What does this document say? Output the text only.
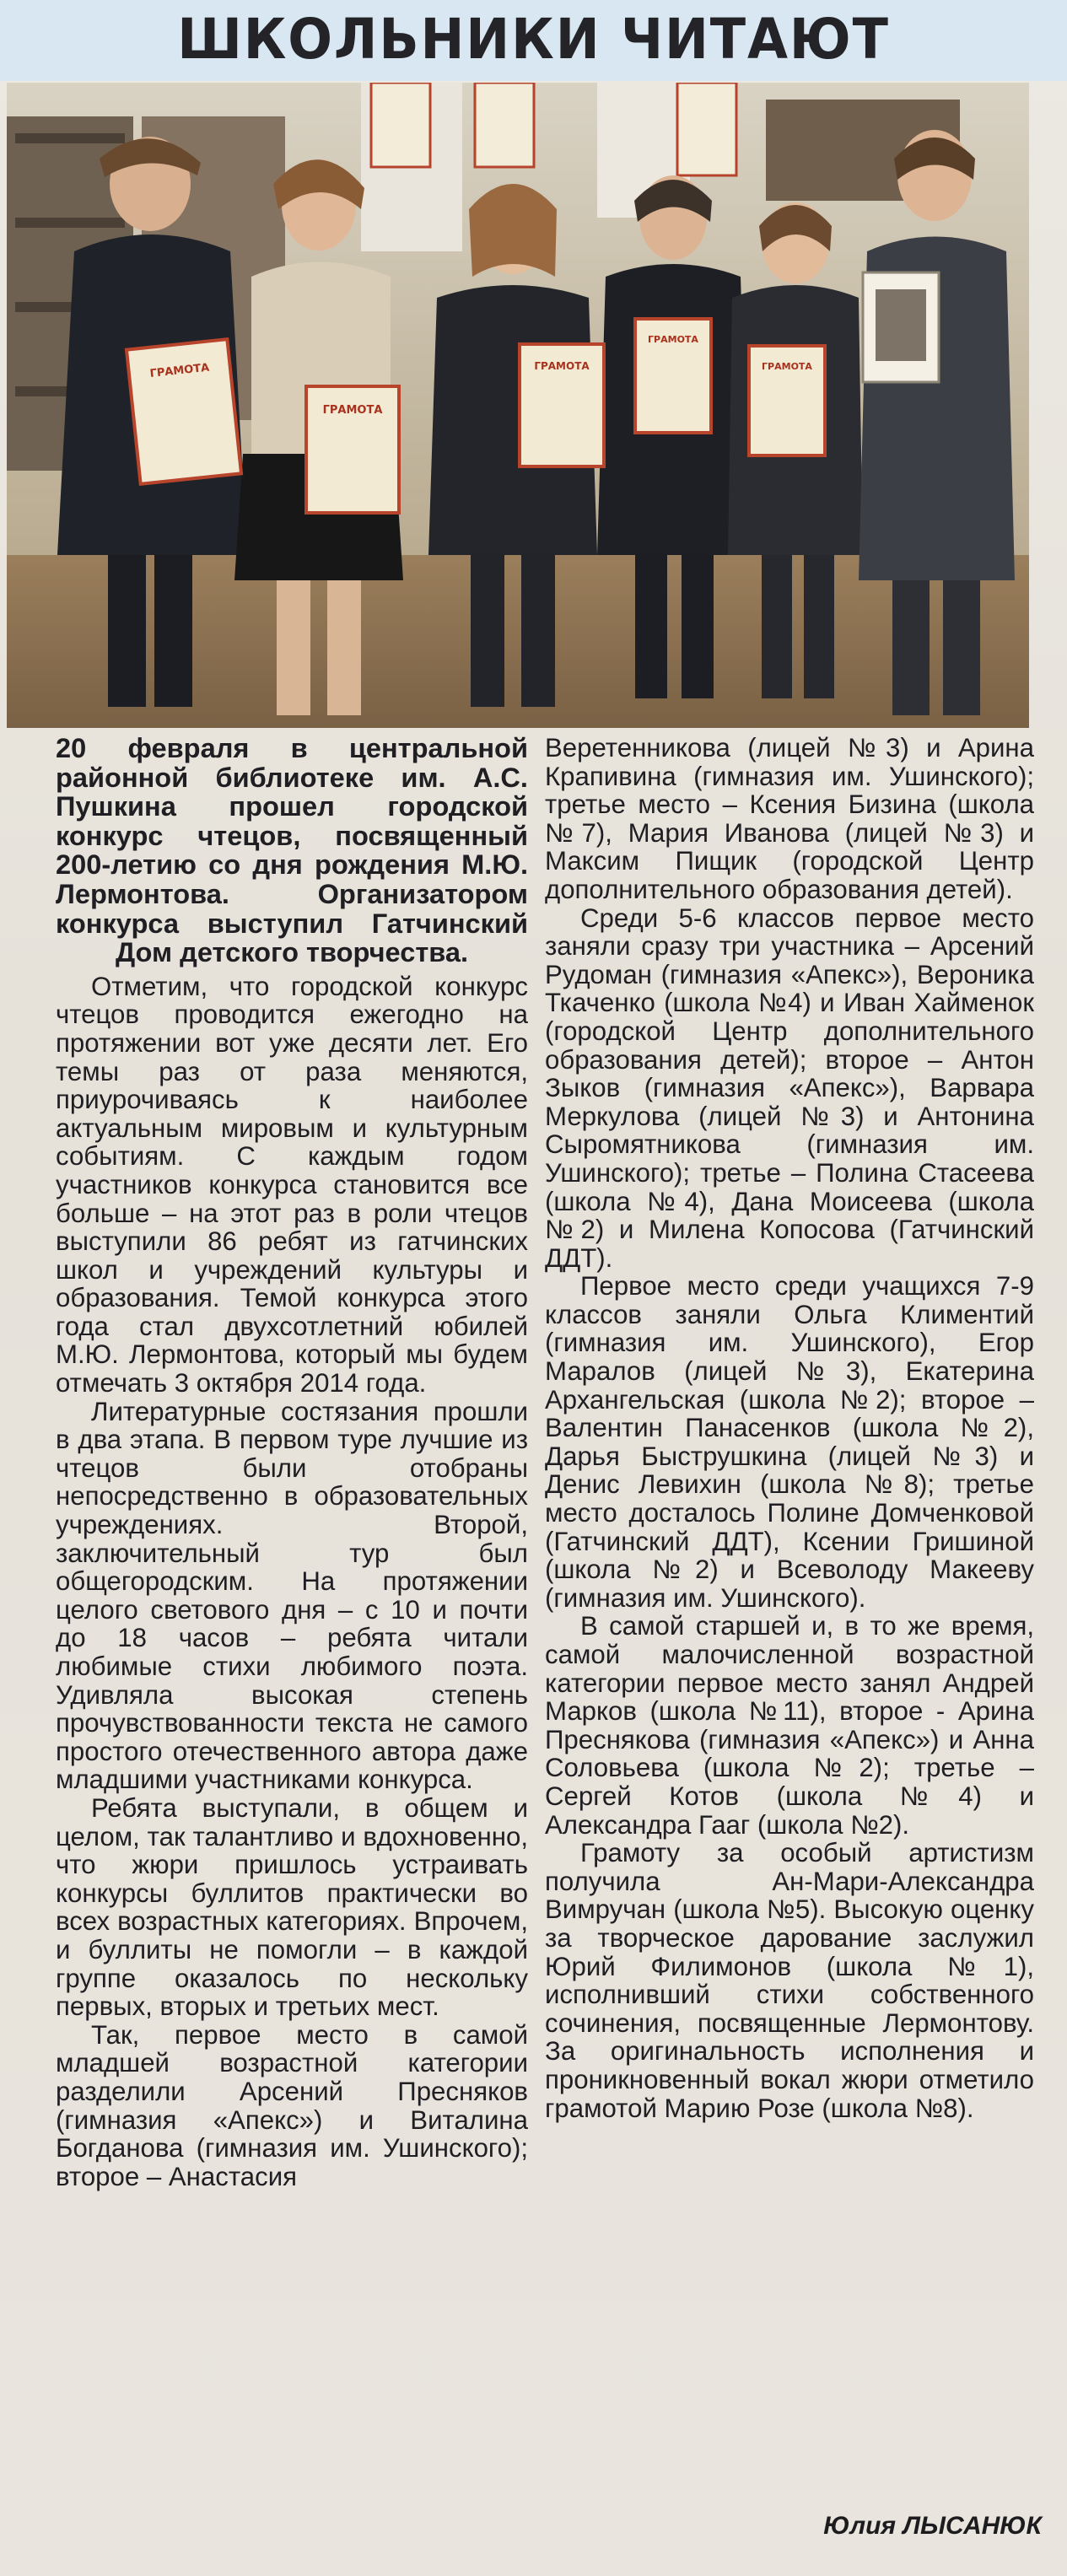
ШКОЛЬНИКИ ЧИТАЮТ
ГРАМОТА
ГРАМОТА
ГРАМОТА
ГРАМОТА
ГРАМОТА

20 февраля в центральной районной библиотеке им. А.С. Пушкина прошел городской конкурс чтецов, посвященный 200-летию со дня рождения М.Ю. Лермонтова. Организатором конкурса выступил Гатчинский Дом детского творчества.

Отметим, что городской конкурс чтецов проводится ежегодно на протяжении вот уже десяти лет. Его темы раз от раза меняются, приурочиваясь к наиболее актуальным мировым и культурным событиям. С каждым годом участников конкурса становится все больше – на этот раз в роли чтецов выступили 86 ребят из гатчинских школ и учреждений культуры и образования. Темой конкурса этого года стал двухсотлетний юбилей М.Ю. Лермонтова, который мы будем отмечать 3 октября 2014 года.

Литературные состязания прошли в два этапа. В первом туре лучшие из чтецов были отобраны непосредственно в образовательных учреждениях. Второй, заключительный тур был общегородским. На протяжении целого светового дня – с 10 и почти до 18 часов – ребята читали любимые стихи любимого поэта. Удивляла высокая степень прочувствованности текста не самого простого отечественного автора даже младшими участниками конкурса.

Ребята выступали, в общем и целом, так талантливо и вдохновенно, что жюри пришлось устраивать конкурсы буллитов практически во всех возрастных категориях. Впрочем, и буллиты не помогли – в каждой группе оказалось по нескольку первых, вторых и третьих мест.

Так, первое место в самой младшей возрастной категории разделили Арсений Пресняков (гимназия «Апекс») и Виталина Богданова (гимназия им. Ушинского); второе – Анастасия

Веретенникова (лицей №3) и Арина Крапивина (гимназия им. Ушинского); третье место – Ксения Бизина (школа №7), Мария Иванова (лицей №3) и Максим Пищик (городской Центр дополнительного образования детей).

Среди 5-6 классов первое место заняли сразу три участника – Арсений Рудоман (гимназия «Апекс»), Вероника Ткаченко (школа №4) и Иван Хайменок (городской Центр дополнительного образования детей); второе – Антон Зыков (гимназия «Апекс»), Варвара Меркулова (лицей №3) и Антонина Сыромятникова (гимназия им. Ушинского); третье – Полина Стасеева (школа №4), Дана Моисеева (школа №2) и Милена Копосова (Гатчинский ДДТ).

Первое место среди учащихся 7-9 классов заняли Ольга Климентий (гимназия им. Ушинского), Егор Маралов (лицей №3), Екатерина Архангельская (школа №2); второе – Валентин Панасенков (школа №2), Дарья Быструшкина (лицей №3) и Денис Левихин (школа №8); третье место досталось Полине Домченковой (Гатчинский ДДТ), Ксении Гришиной (школа №2) и Всеволоду Макееву (гимназия им. Ушинского).

В самой старшей и, в то же время, самой малочисленной возрастной категории первое место занял Андрей Марков (школа №11), второе - Арина Преснякова (гимназия «Апекс») и Анна Соловьева (школа №2); третье – Сергей Котов (школа №4) и Александра Гааг (школа №2).

Грамоту за особый артистизм получила Ан-Мари-Александра Вимручан (школа №5). Высокую оценку за творческое дарование заслужил Юрий Филимонов (школа №1), исполнивший стихи собственного сочинения, посвященные Лермонтову. За оригинальность исполнения и проникновенный вокал жюри отметило грамотой Марию Розе (школа №8).

Юлия ЛЫСАНЮК
